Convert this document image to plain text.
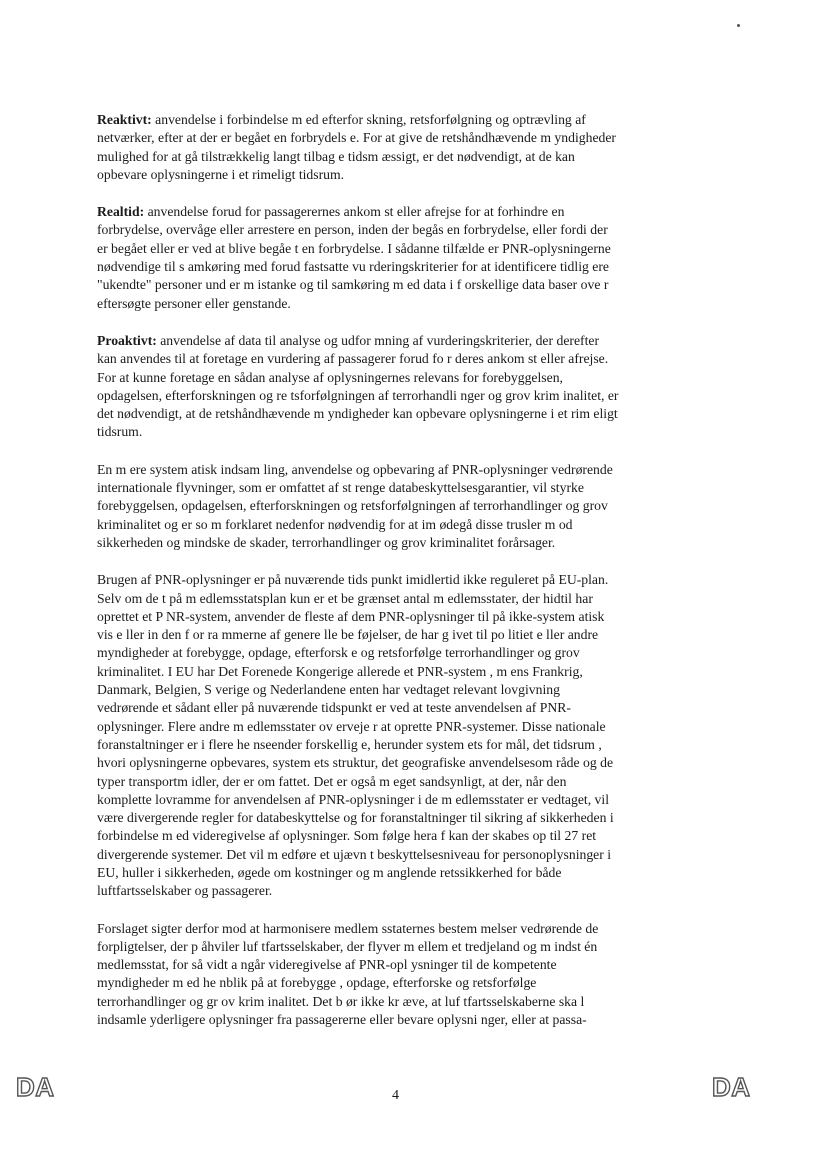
Reaktivt: anvendelse i forbindelse m ed efterfor skning, retsforfølgning og optrævling af
netværker, efter at der er begået en forbrydels e. For at give de retshåndhævende m yndigheder
mulighed for at gå tilstrækkelig langt tilbag e tidsm æssigt, er det nødvendigt, at de kan
opbevare oplysningerne i et rimeligt tidsrum.

Realtid: anvendelse forud for passagerernes ankom st eller afrejse for at forhindre en
forbrydelse, overvåge eller arrestere en person, inden der begås en forbrydelse, eller fordi der
er begået eller er ved at blive begåe t en forbrydelse. I sådanne tilfælde er PNR-oplysningerne
nødvendige til s amkøring med forud fastsatte vu rderingskriterier for at identificere tidlig ere
"ukendte" personer und er m istanke og til samkøring m ed data i f orskellige data baser ove r
eftersøgte personer eller genstande.

Proaktivt: anvendelse af data til analyse og udfor mning af vurderingskriterier, der derefter
kan anvendes til at foretage en vurdering af passagerer forud fo r deres ankom st eller afrejse.
For at kunne foretage en sådan analyse af oplysningernes relevans for forebyggelsen,
opdagelsen, efterforskningen og re tsforfølgningen af terrorhandli nger og grov krim inalitet, er
det nødvendigt, at de retshåndhævende m yndigheder kan opbevare oplysningerne i et rim eligt
tidsrum.

En m ere system atisk indsam ling, anvendelse og opbevaring af PNR-oplysninger vedrørende
internationale flyvninger, som er omfattet af st renge databeskyttelsesgarantier, vil styrke
forebyggelsen, opdagelsen, efterforskningen og retsforfølgningen af terrorhandlinger og grov
kriminalitet og er so m forklaret nedenfor nødvendig for at im ødegå disse trusler m od
sikkerheden og mindske de skader, terrorhandlinger og grov kriminalitet forårsager.

Brugen af PNR-oplysninger er på nuværende tids punkt imidlertid ikke reguleret på EU-plan.
Selv om de t på m edlemsstatsplan kun er et be grænset antal m edlemsstater, der hidtil har
oprettet et P NR-system, anvender de fleste af dem PNR-oplysninger til på ikke-system atisk
vis e ller in den f or ra mmerne af genere lle be føjelser, de har g ivet til po litiet e ller andre
myndigheder at forebygge, opdage, efterforsk e og retsforfølge terrorhandlinger og grov
kriminalitet. I EU har Det Forenede Kongerige allerede et PNR-system , m ens Frankrig,
Danmark, Belgien, S verige og Nederlandene enten har vedtaget relevant lovgivning
vedrørende et sådant eller på nuværende tidspunkt er ved at teste anvendelsen af PNR-
oplysninger. Flere andre m edlemsstater ov erveje r at oprette PNR-systemer. Disse nationale
foranstaltninger er i flere he nseender forskellig e, herunder system ets for mål, det tidsrum ,
hvori oplysningerne opbevares, system ets struktur, det geografiske anvendelsesom råde og de
typer transportm idler, der er om fattet. Det er også m eget sandsynligt, at der, når den
komplette lovramme for anvendelsen af PNR-oplysninger i de m edlemsstater er vedtaget, vil
være divergerende regler for databeskyttelse og for foranstaltninger til sikring af sikkerheden i
forbindelse m ed videregivelse af oplysninger. Som følge hera f kan der skabes op til 27 ret
divergerende systemer. Det vil m edføre et ujævn t beskyttelsesniveau for personoplysninger i
EU, huller i sikkerheden, øgede om kostninger og m anglende retssikkerhed for både
luftfartsselskaber og passagerer.

Forslaget sigter derfor mod at harmonisere medlem sstaternes bestem melser vedrørende de
forpligtelser, der p åhviler luf tfartsselskaber, der flyver m ellem et tredjeland og m indst én
medlemsstat, for så vidt a ngår videregivelse af PNR-opl ysninger til de kompetente
myndigheder m ed he nblik på at forebygge , opdage, efterforske og retsforfølge
terrorhandlinger og gr ov krim inalitet. Det b ør ikke kr æve, at luf tfartsselskaberne ska l
indsamle yderligere oplysninger fra passagererne eller bevare oplysni nger, eller at passa-

DA	4	DA
